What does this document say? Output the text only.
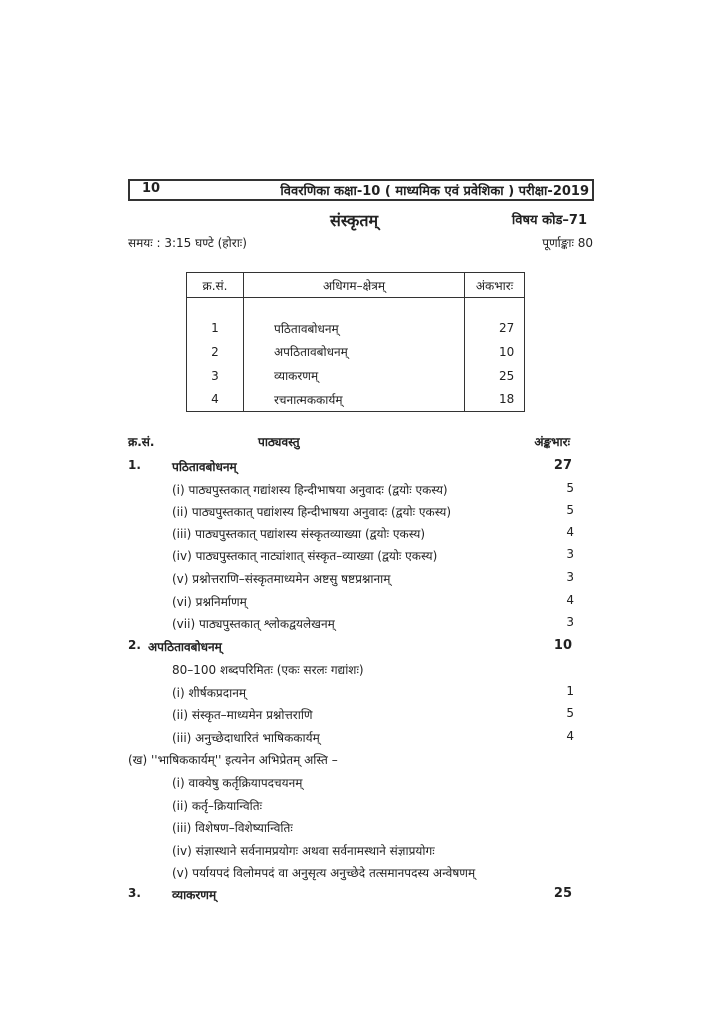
10	विवरणिका कक्षा-10 ( माध्यमिक एवं प्रवेशिका ) परीक्षा-2019
संस्कृतम्	विषय कोड–71
समयः : 3:15 घण्टे (होराः)	पूर्णाङ्काः 80
क्र.सं.	अधिगम–क्षेत्रम्	अंकभारः

1	पठितावबोधनम्	27
2	अपठितावबोधनम्	10
3	व्याकरणम्	25
4	रचनात्मककार्यम्	18
क्र.सं.	पाठ्यवस्तु	अंङ्कभारः
1.	पठितावबोधनम्	27
(i) पाठ्यपुस्तकात् गद्यांशस्य हिन्दीभाषया अनुवादः (द्वयोः एकस्य)	5
(ii) पाठ्यपुस्तकात् पद्यांशस्य हिन्दीभाषया अनुवादः (द्वयोः एकस्य)	5
(iii) पाठ्यपुस्तकात् पद्यांशस्य संस्कृतव्याख्या (द्वयोः एकस्य)	4
(iv) पाठ्यपुस्तकात् नाट्यांशात् संस्कृत–व्याख्या (द्वयोः एकस्य)	3
(v) प्रश्नोत्तराणि–संस्कृतमाध्यमेन अष्टसु षष्टप्रश्नानाम्	3
(vi) प्रश्ननिर्माणम्	4
(vii) पाठ्यपुस्तकात् श्लोकद्वयलेखनम्	3
2. अपठितावबोधनम्	10
80–100 शब्दपरिमितः (एकः सरलः गद्यांशः)
(i) शीर्षकप्रदानम्	1
(ii) संस्कृत–माध्यमेन प्रश्नोत्तराणि	5
(iii) अनुच्छेदाधारितं भाषिककार्यम्	4
(ख) ''भाषिककार्यम्'' इत्यनेन अभिप्रेतम् अस्ति –
(i) वाक्येषु कर्तृक्रियापदचयनम्
(ii) कर्तृ–क्रियान्वितिः
(iii) विशेषण–विशेष्यान्वितिः
(iv) संज्ञास्थाने सर्वनामप्रयोगः अथवा सर्वनामस्थाने संज्ञाप्रयोगः
(v) पर्यायपदं विलोमपदं वा अनुसृत्य अनुच्छेदे तत्समानपदस्य अन्वेषणम्
3.	व्याकरणम्	25
